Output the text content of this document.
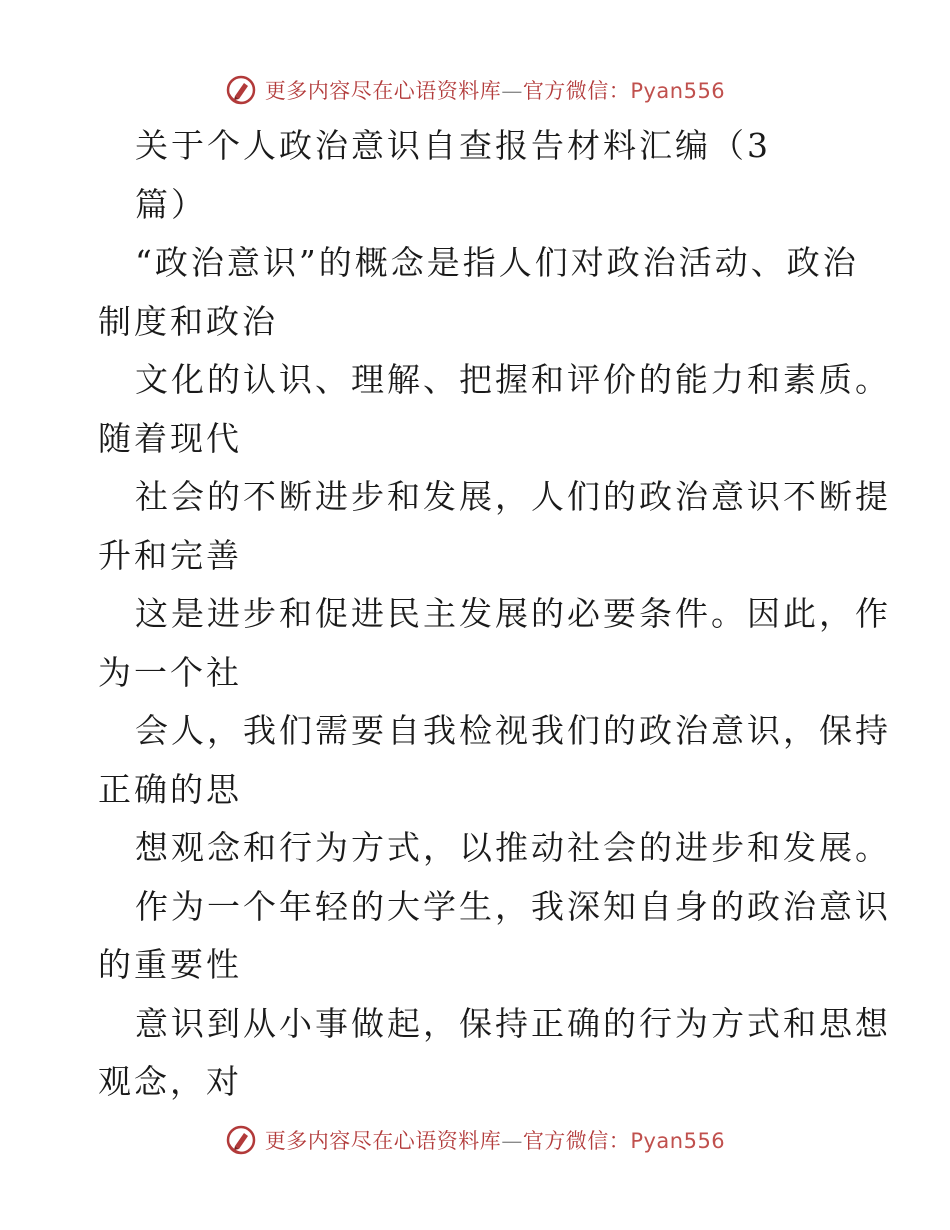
更多内容尽在心语资料库—官方微信：Pyan556
关于个人政治意识自查报告材料汇编（3
篇）
“政治意识”的概念是指人们对政治活动、政治
制度和政治
文化的认识、理解、把握和评价的能力和素质。
随着现代
社会的不断进步和发展，人们的政治意识不断提
升和完善
这是进步和促进民主发展的必要条件。因此，作
为一个社
会人，我们需要自我检视我们的政治意识，保持
正确的思
想观念和行为方式，以推动社会的进步和发展。
作为一个年轻的大学生，我深知自身的政治意识
的重要性
意识到从小事做起，保持正确的行为方式和思想
观念，对
更多内容尽在心语资料库—官方微信：Pyan556
